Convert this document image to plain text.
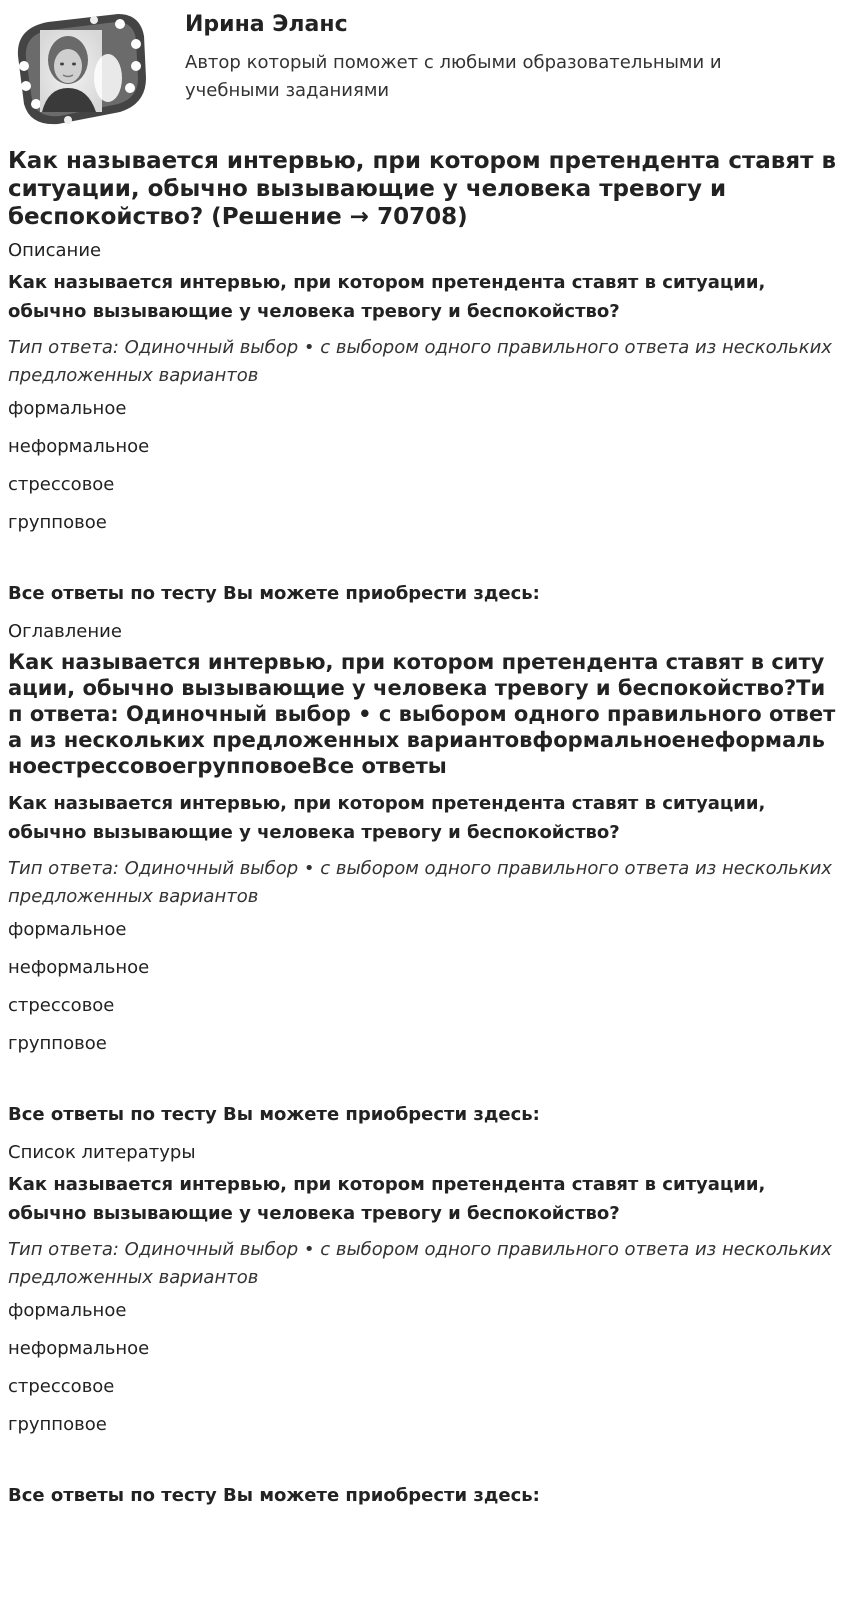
Ирина Эланс
Автор который поможет с любыми образовательными и учебными заданиями
Как называется интервью, при котором претендента ставят в ситуации, обычно вызывающие у человека тревогу и беспокойство? (Решение → 70708)
Описание
Как называется интервью, при котором претендента ставят в ситуации, обычно вызывающие у человека тревогу и беспокойство?
Тип ответа: Одиночный выбор • с выбором одного правильного ответа из нескольких предложенных вариантов
формальное
неформальное
стрессовое
групповое
Все ответы по тесту Вы можете приобрести здесь:
Оглавление
Как называется интервью, при котором претендента ставят в ситуации, обычно вызывающие у человека тревогу и беспокойство?Тип ответа: Одиночный выбор • с выбором одного правильного ответа из нескольких предложенных вариантовформальноенеформальноестрессовоегрупповоеВсе ответы
Как называется интервью, при котором претендента ставят в ситуации, обычно вызывающие у человека тревогу и беспокойство?
Тип ответа: Одиночный выбор • с выбором одного правильного ответа из нескольких предложенных вариантов
формальное
неформальное
стрессовое
групповое
Все ответы по тесту Вы можете приобрести здесь:
Список литературы
Как называется интервью, при котором претендента ставят в ситуации, обычно вызывающие у человека тревогу и беспокойство?
Тип ответа: Одиночный выбор • с выбором одного правильного ответа из нескольких предложенных вариантов
формальное
неформальное
стрессовое
групповое
Все ответы по тесту Вы можете приобрести здесь:
